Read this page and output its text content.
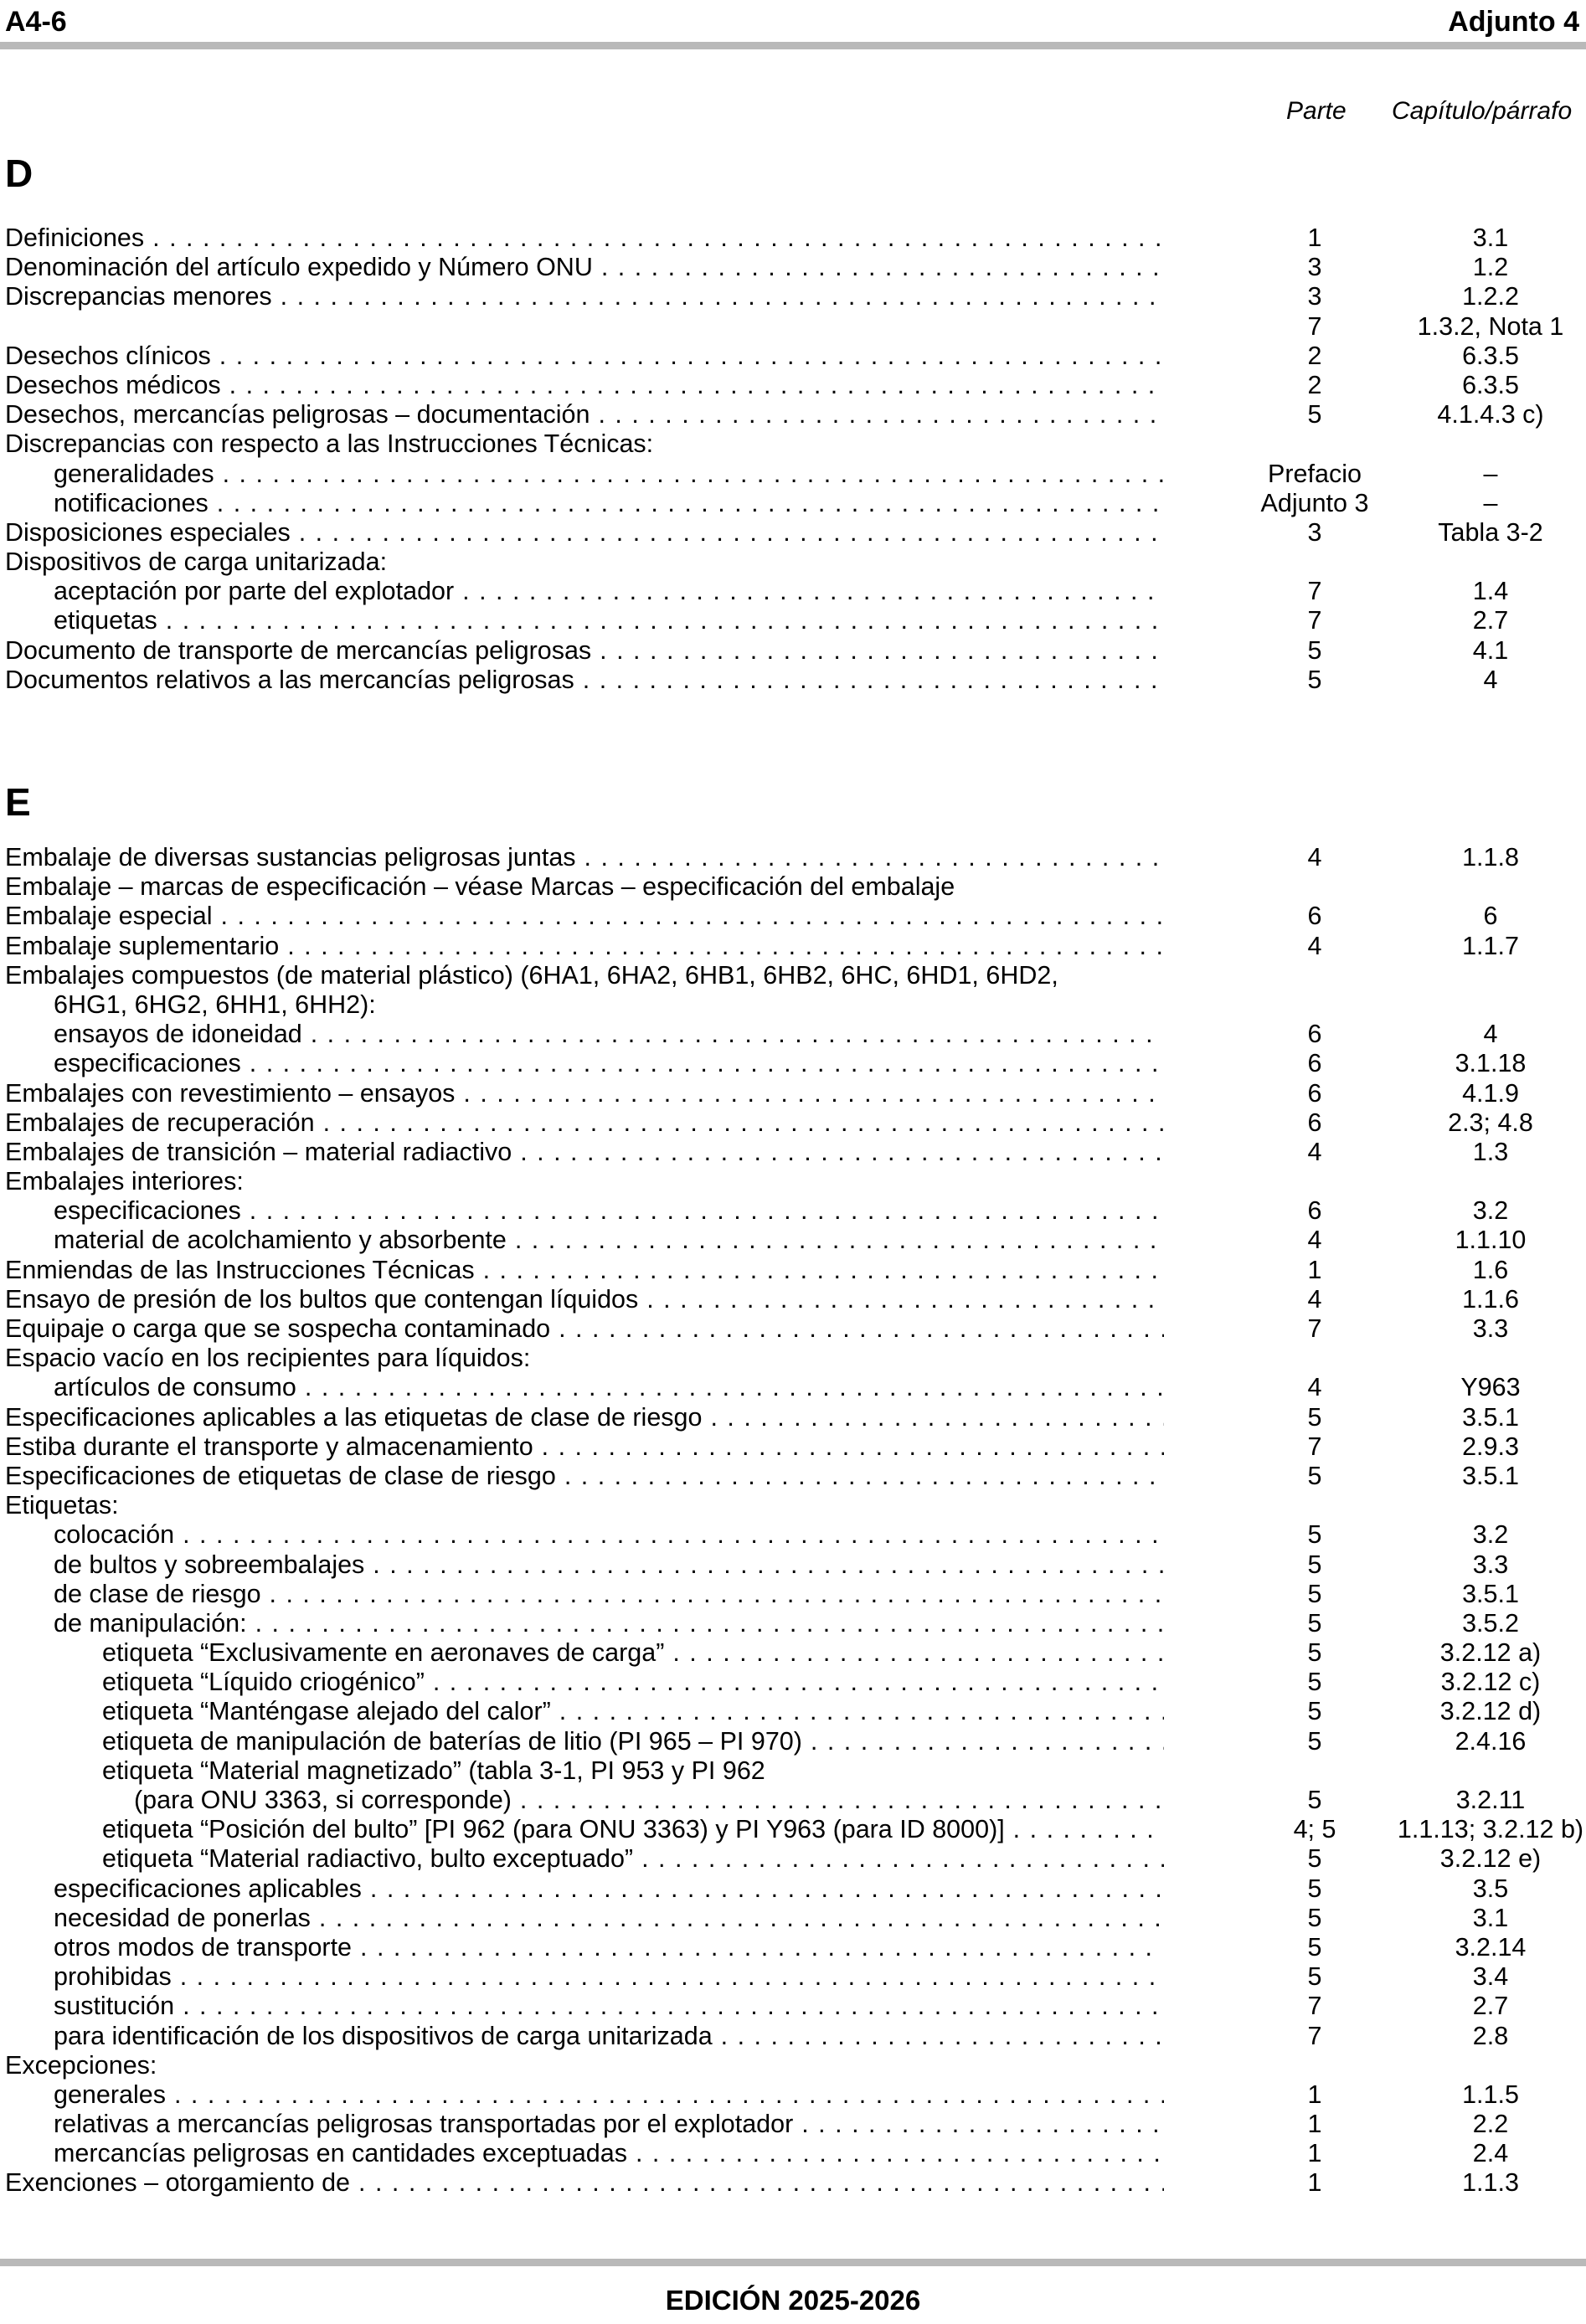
A4-6	Adjunto 4
Parte Capítulo/párrafo
D
Definiciones . . .	1	3.1
Denominación del artículo expedido y Número ONU . . .	3	1.2
Discrepancias menores . . .	3	1.2.2
7	1.3.2, Nota 1
Desechos clínicos . . .	2	6.3.5
Desechos médicos . . .	2	6.3.5
Desechos, mercancías peligrosas – documentación . . .	5	4.1.4.3 c)
Discrepancias con respecto a las Instrucciones Técnicas:
generalidades . . .	Prefacio	–
notificaciones . . .	Adjunto 3	–
Disposiciones especiales . . .	3	Tabla 3-2
Dispositivos de carga unitarizada:
aceptación por parte del explotador . . .	7	1.4
etiquetas . . .	7	2.7
Documento de transporte de mercancías peligrosas . . .	5	4.1
Documentos relativos a las mercancías peligrosas . . .	5	4
E
Embalaje de diversas sustancias peligrosas juntas . . .	4	1.1.8
Embalaje – marcas de especificación – véase Marcas – especificación del embalaje
Embalaje especial . . .	6	6
Embalaje suplementario . . .	4	1.1.7
Embalajes compuestos (de material plástico) (6HA1, 6HA2, 6HB1, 6HB2, 6HC, 6HD1, 6HD2,
6HG1, 6HG2, 6HH1, 6HH2):
ensayos de idoneidad . . .	6	4
especificaciones . . .	6	3.1.18
Embalajes con revestimiento – ensayos . . .	6	4.1.9
Embalajes de recuperación . . .	6	2.3; 4.8
Embalajes de transición – material radiactivo . . .	4	1.3
Embalajes interiores:
especificaciones . . .	6	3.2
material de acolchamiento y absorbente . . .	4	1.1.10
Enmiendas de las Instrucciones Técnicas . . .	1	1.6
Ensayo de presión de los bultos que contengan líquidos . . .	4	1.1.6
Equipaje o carga que se sospecha contaminado . . .	7	3.3
Espacio vacío en los recipientes para líquidos:
artículos de consumo . . .	4	Y963
Especificaciones aplicables a las etiquetas de clase de riesgo . . .	5	3.5.1
Estiba durante el transporte y almacenamiento . . .	7	2.9.3
Especificaciones de etiquetas de clase de riesgo . . .	5	3.5.1
Etiquetas:
colocación . . .	5	3.2
de bultos y sobreembalajes . . .	5	3.3
de clase de riesgo . . .	5	3.5.1
de manipulación: . . .	5	3.5.2
etiqueta “Exclusivamente en aeronaves de carga” . . .	5	3.2.12 a)
etiqueta “Líquido criogénico” . . .	5	3.2.12 c)
etiqueta “Manténgase alejado del calor” . . .	5	3.2.12 d)
etiqueta de manipulación de baterías de litio (PI 965 – PI 970) . . .	5	2.4.16
etiqueta “Material magnetizado” (tabla 3-1, PI 953 y PI 962
(para ONU 3363, si corresponde) . . .	5	3.2.11
etiqueta “Posición del bulto” [PI 962 (para ONU 3363) y PI Y963 (para ID 8000)] . . .	4; 5	1.1.13; 3.2.12 b)
etiqueta “Material radiactivo, bulto exceptuado” . . .	5	3.2.12 e)
especificaciones aplicables . . .	5	3.5
necesidad de ponerlas . . .	5	3.1
otros modos de transporte . . .	5	3.2.14
prohibidas . . .	5	3.4
sustitución . . .	7	2.7
para identificación de los dispositivos de carga unitarizada . . .	7	2.8
Excepciones:
generales . . .	1	1.1.5
relativas a mercancías peligrosas transportadas por el explotador . . .	1	2.2
mercancías peligrosas en cantidades exceptuadas . . .	1	2.4
Exenciones – otorgamiento de . . .	1	1.1.3
EDICIÓN 2025-2026
